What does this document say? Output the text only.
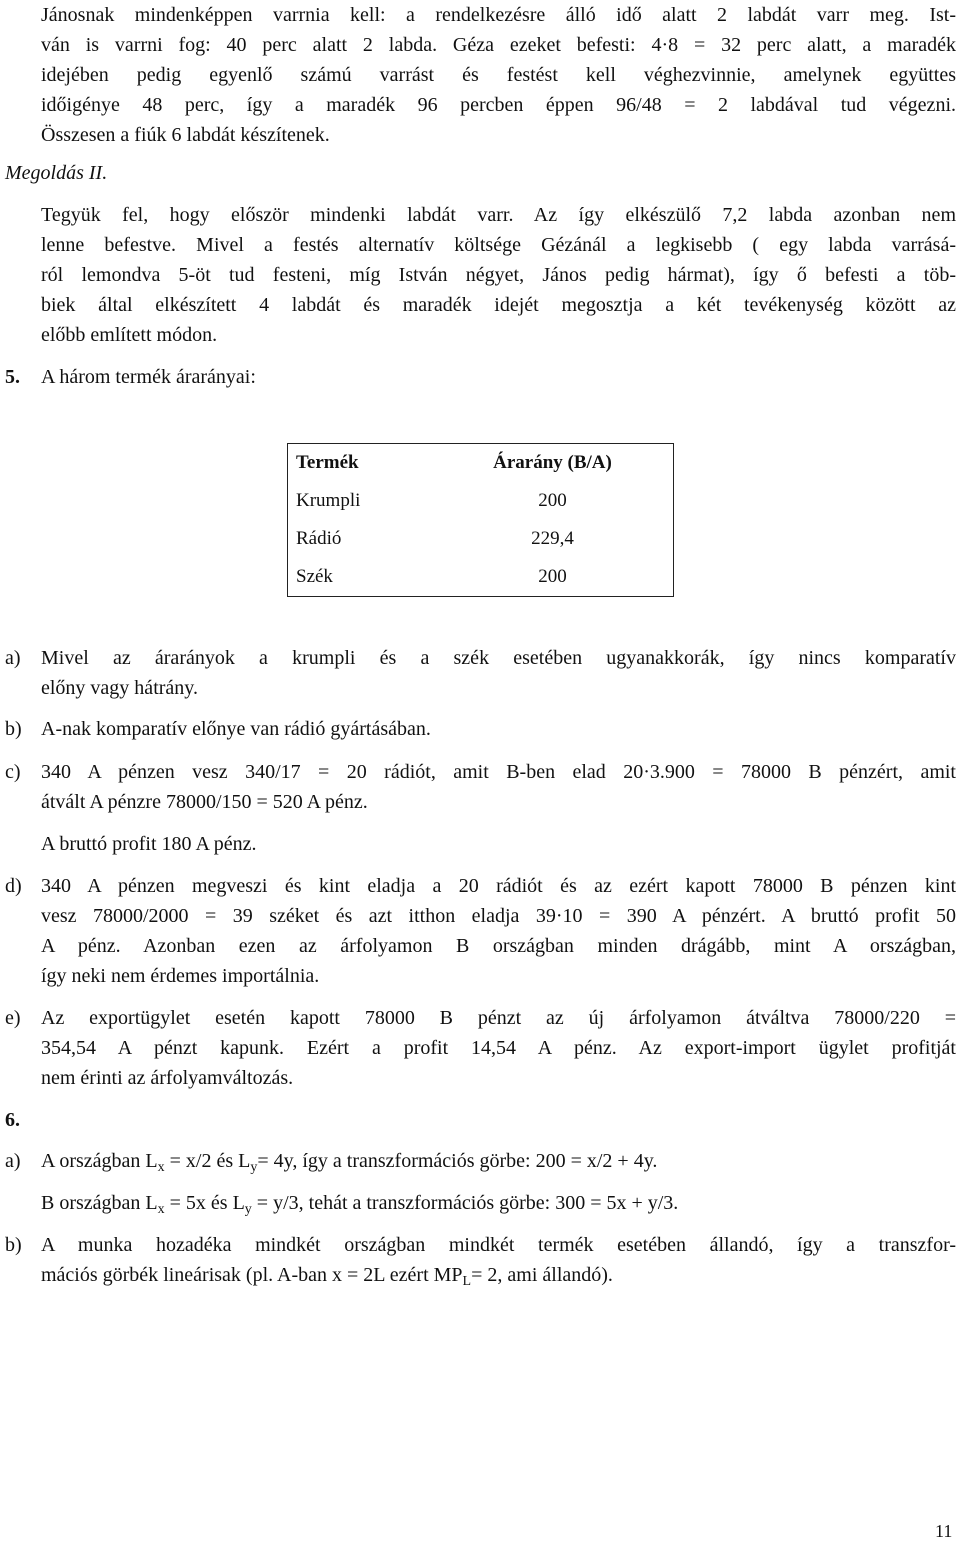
Jánosnak mindenképpen varrnia kell: a rendelkezésre álló idő alatt 2 labdát varr meg. Ist-
ván is varrni fog: 40 perc alatt 2 labda. Géza ezeket befesti: 4·8 = 32 perc alatt, a maradék
idejében pedig egyenlő számú varrást és festést kell véghezvinnie, amelynek együttes
időigénye 48 perc, így a maradék 96 percben éppen 96/48 = 2 labdával tud végezni.
Összesen a fiúk 6 labdát készítenek.

Megoldás II.

Tegyük fel, hogy először mindenki labdát varr. Az így elkészülő 7,2 labda azonban nem
lenne befestve. Mivel a festés alternatív költsége Gézánál a legkisebb ( egy labda varrásá-
ról lemondva 5-öt tud festeni, míg István négyet, János pedig hármat), így ő befesti a töb-
biek által elkészített 4 labdát és maradék idejét megosztja a két tevékenység között az
előbb említett módon.

5. A három termék árarányai:

Termék	Árarány (B/A)
Krumpli	200
Rádió	229,4
Szék	200

a) Mivel az árarányok a krumpli és a szék esetében ugyanakkorák, így nincs komparatív
előny vagy hátrány.

b) A-nak komparatív előnye van rádió gyártásában.

c) 340 A pénzen vesz 340/17 = 20 rádiót, amit B-ben elad 20·3.900 = 78000 B pénzért, amit
átvált A pénzre 78000/150 = 520 A pénz.

A bruttó profit 180 A pénz.

d) 340 A pénzen megveszi és kint eladja a 20 rádiót és az ezért kapott 78000 B pénzen kint
vesz 78000/2000 = 39 széket és azt itthon eladja 39·10 = 390 A pénzért. A bruttó profit 50
A pénz. Azonban ezen az árfolyamon B országban minden drágább, mint A országban,
így neki nem érdemes importálnia.

e) Az exportügylet esetén kapott 78000 B pénzt az új árfolyamon átváltva 78000/220 =
354,54 A pénzt kapunk. Ezért a profit 14,54 A pénz. Az export-import ügylet profitját
nem érinti az árfolyamváltozás.

6.

a) A országban $L_x = x/2$ és $L_y= 4y$, így a transzformációs görbe: 200 = x/2 + 4y.

B országban $L_x = 5x$ és $L_y = y/3$, tehát a transzformációs görbe: 300 = 5x + y/3.

b) A munka hozadéka mindkét országban mindkét termék esetében állandó, így a transzfor-
mációs görbék lineárisak (pl. A-ban x = 2L ezért $MP_L= 2$, ami állandó).

11
